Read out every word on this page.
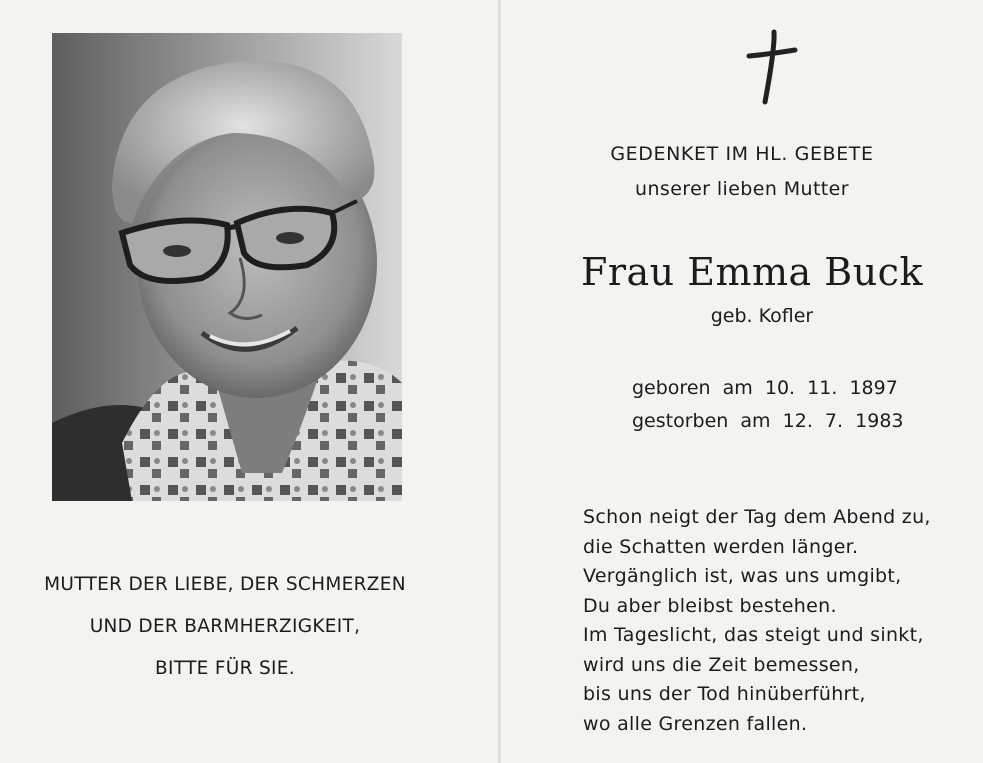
MUTTER DER LIEBE, DER SCHMERZEN
UND DER BARMHERZIGKEIT,
BITTE FÜR SIE.
GEDENKET IM HL. GEBETE
unserer lieben Mutter
Frau Emma Buck
geb. Kofler
geboren  am  10.  11.  1897
gestorben  am  12.  7.  1983
Schon neigt der Tag dem Abend zu,
die Schatten werden länger.
Vergänglich ist, was uns umgibt,
Du aber bleibst bestehen.
Im Tageslicht, das steigt und sinkt,
wird uns die Zeit bemessen,
bis uns der Tod hinüberführt,
wo alle Grenzen fallen.
